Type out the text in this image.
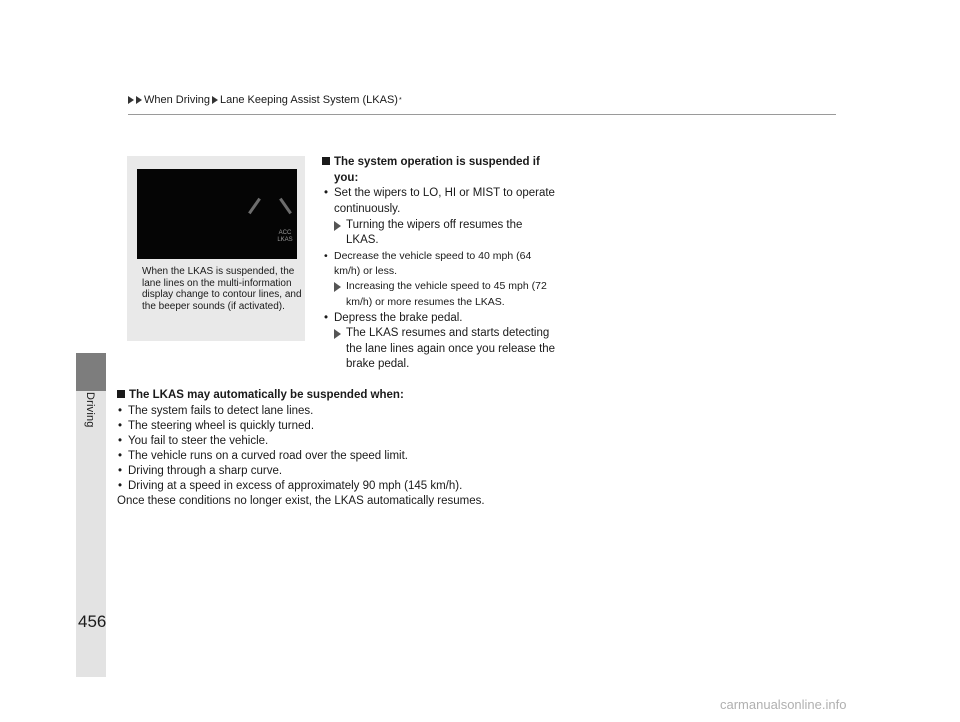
When Driving Lane Keeping Assist System (LKAS) *
Driving
456
ACC
LKAS
When the LKAS is suspended, the lane lines on the multi-information display change to contour lines, and the beeper sounds (if activated).
The system operation is suspended if
you:
• Set the wipers to LO, HI or MIST to operate
continuously.
Turning the wipers off resumes the
LKAS.
• Decrease the vehicle speed to 40 mph (64
km/h) or less.
Increasing the vehicle speed to 45 mph (72
km/h) or more resumes the LKAS.
• Depress the brake pedal.
The LKAS resumes and starts detecting
the lane lines again once you release the
brake pedal.
The LKAS may automatically be suspended when:
• The system fails to detect lane lines.
• The steering wheel is quickly turned.
• You fail to steer the vehicle.
• The vehicle runs on a curved road over the speed limit.
• Driving through a sharp curve.
• Driving at a speed in excess of approximately 90 mph (145 km/h).
Once these conditions no longer exist, the LKAS automatically resumes.
carmanualsonline.info
